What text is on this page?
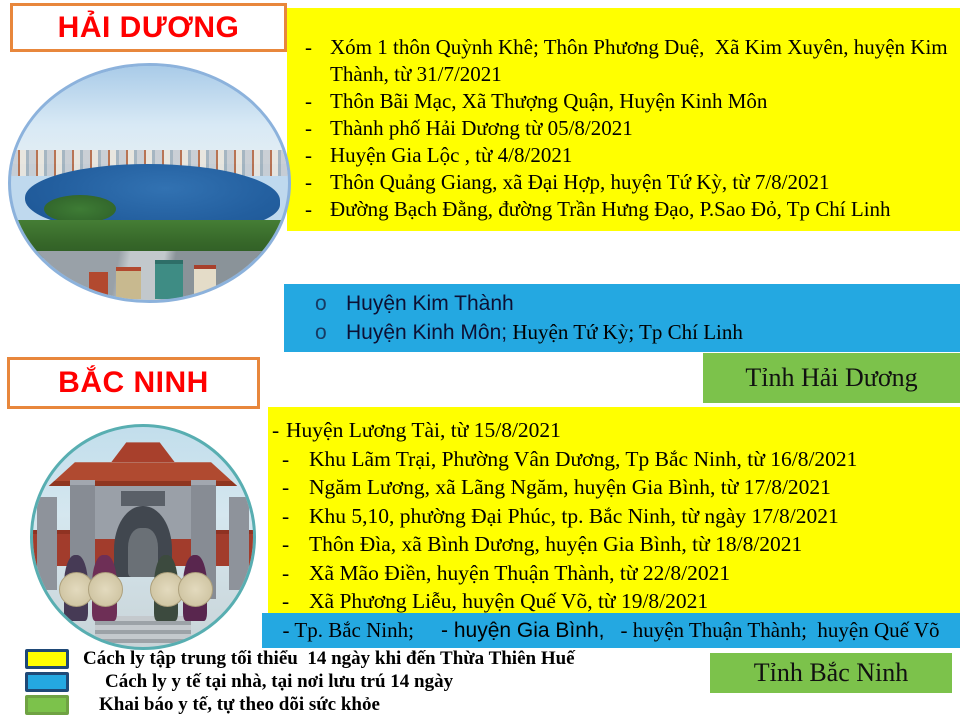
HẢI DƯƠNG
- Xóm 1 thôn Quỳnh Khê; Thôn Phương Duệ,  Xã Kim Xuyên, huyện Kim Thành, từ 31/7/2021
- Thôn Bãi Mạc, Xã Thượng Quận, Huyện Kinh Môn
- Thành phố Hải Dương từ 05/8/2021
- Huyện Gia Lộc , từ 4/8/2021
- Thôn Quảng Giang, xã Đại Hợp, huyện Tứ Kỳ, từ 7/8/2021
- Đường Bạch Đằng, đường Trần Hưng Đạo, P.Sao Đỏ, Tp Chí Linh
o Huyện Kim Thành
o Huyện Kinh Môn; Huyện Tứ Kỳ; Tp Chí Linh
Tỉnh Hải Dương
BẮC NINH
- Huyện Lương Tài, từ 15/8/2021
- Khu Lãm Trại, Phường Vân Dương, Tp Bắc Ninh, từ 16/8/2021
- Ngăm Lương, xã Lãng Ngăm, huyện Gia Bình, từ 17/8/2021
- Khu 5,10, phường Đại Phúc, tp. Bắc Ninh, từ ngày 17/8/2021
- Thôn Đìa, xã Bình Dương, huyện Gia Bình, từ 18/8/2021
- Xã Mão Điền, huyện Thuận Thành, từ 22/8/2021
- Xã Phương Liễu, huyện Quế Võ, từ 19/8/2021
- Tp. Bắc Ninh; - huyện Gia Bình, - huyện Thuận Thành;  huyện Quế Võ
Tỉnh Bắc Ninh
Cách ly tập trung tối thiểu  14 ngày khi đến Thừa Thiên Huế
Cách ly y tế tại nhà, tại nơi lưu trú 14 ngày
Khai báo y tế, tự theo dõi sức khỏe
